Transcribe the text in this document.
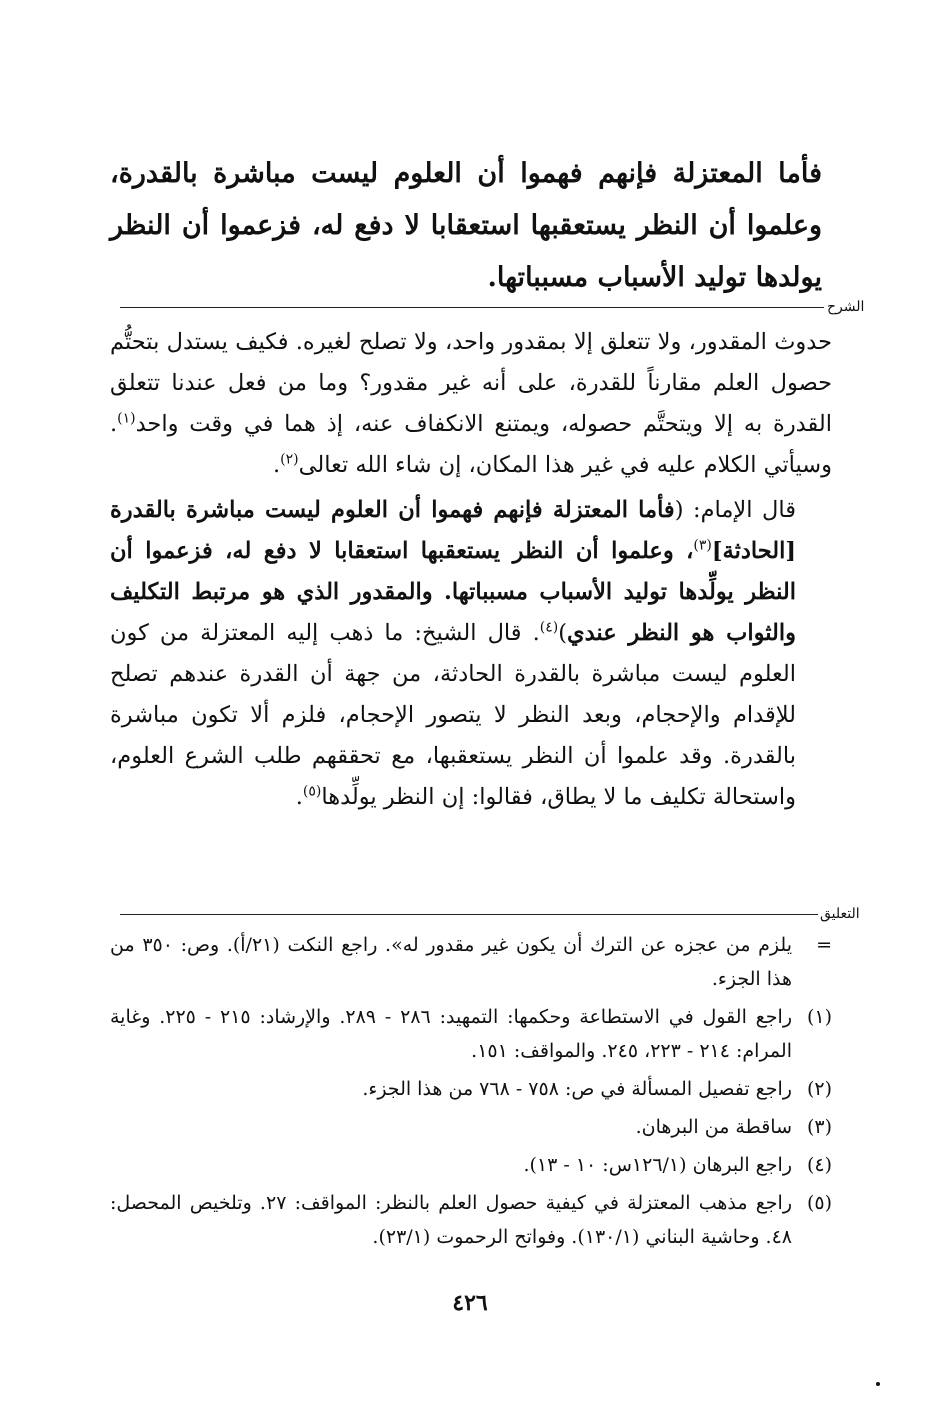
فأما المعتزلة فإنهم فهموا أن العلوم ليست مباشرة بالقدرة، وعلموا أن النظر يستعقبها استعقابا لا دفع له، فزعموا أن النظر يولدها توليد الأسباب مسبباتها.

الشرح

حدوث المقدور، ولا تتعلق إلا بمقدور واحد، ولا تصلح لغيره. فكيف يستدل بتحتُّم حصول العلم مقارناً للقدرة، على أنه غير مقدور؟ وما من فعل عندنا تتعلق القدرة به إلا ويتحتَّم حصوله، ويمتنع الانكفاف عنه، إذ هما في وقت واحد$^{(١)}$. وسيأتي الكلام عليه في غير هذا المكان، إن شاء الله تعالى$^{(٢)}$.

قال الإمام: (فأما المعتزلة فإنهم فهموا أن العلوم ليست مباشرة بالقدرة [الحادثة]$^{(٣)}$، وعلموا أن النظر يستعقبها استعقابا لا دفع له، فزعموا أن النظر يولِّدها توليد الأسباب مسبباتها. والمقدور الذي هو مرتبط التكليف والثواب هو النظر عندي)$^{(٤)}$. قال الشيخ: ما ذهب إليه المعتزلة من كون العلوم ليست مباشرة بالقدرة الحادثة، من جهة أن القدرة عندهم تصلح للإقدام والإحجام، وبعد النظر لا يتصور الإحجام، فلزم ألا تكون مباشرة بالقدرة. وقد علموا أن النظر يستعقبها، مع تحققهم طلب الشرع العلوم، واستحالة تكليف ما لا يطاق، فقالوا: إن النظر يولِّدها$^{(٥)}$.

التعليق
=
يلزم من عجزه عن الترك أن يكون غير مقدور له». راجع النكت (٢١/أ). وص: ٣٥٠ من هذا الجزء.
(١)
راجع القول في الاستطاعة وحكمها: التمهيد: ٢٨٦ - ٢٨٩. والإرشاد: ٢١٥ - ٢٢٥. وغاية المرام: ٢١٤ - ٢٢٣، ٢٤٥. والمواقف: ١٥١.
(٢)
راجع تفصيل المسألة في ص: ٧٥٨ - ٧٦٨ من هذا الجزء.
(٣)
ساقطة من البرهان.
(٤)
راجع البرهان (١٢٦/١س: ١٠ - ١٣).
(٥)
راجع مذهب المعتزلة في كيفية حصول العلم بالنظر: المواقف: ٢٧. وتلخيص المحصل: ٤٨. وحاشية البناني (١٣٠/١). وفواتح الرحموت (٢٣/١).
٤٢٦
